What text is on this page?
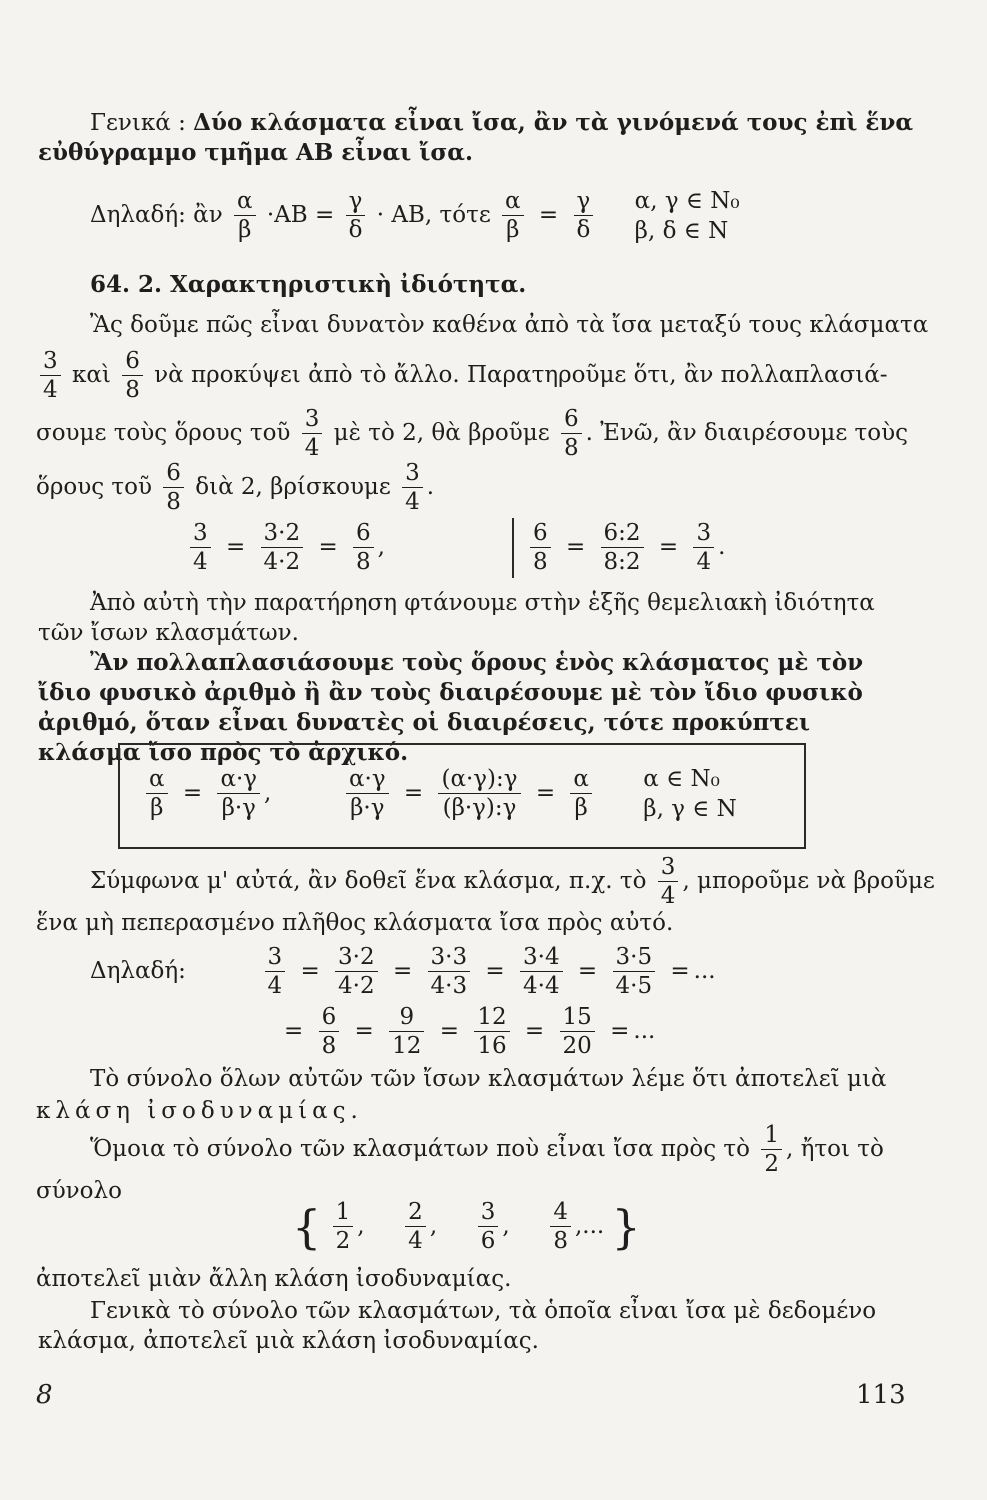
Γενικά : Δύο κλάσματα εἶναι ἴσα, ἂν τὰ γινόμενά τους ἐπὶ ἕνα εὐθύγραμμο τμῆμα ΑΒ εἶναι ἴσα.
Δηλαδή: ἂν $\frac{\alpha}{\beta} \cdot AB = \frac{\gamma}{\delta} \cdot AB$, τότε $\frac{\alpha}{\beta} = \frac{\gamma}{\delta}$
α, γ ∈ N₀
β, δ ∈ N
64. 2. Χαρακτηριστικὴ ἰδιότητα.
Ἂς δοῦμε πῶς εἶναι δυνατὸν καθένα ἀπὸ τὰ ἴσα μεταξύ τους κλάσματα
$\frac{3}{4}$ καὶ $\frac{6}{8}$ νὰ προκύψει ἀπὸ τὸ ἄλλο. Παρατηροῦμε ὅτι, ἂν πολλαπλασιά-
σουμε τοὺς ὅρους τοῦ $\frac{3}{4}$ μὲ τὸ 2, θὰ βροῦμε $\frac{6}{8}$ . Ἐνῶ, ἂν διαιρέσουμε τοὺς
ὅρους τοῦ $\frac{6}{8}$ διὰ 2, βρίσκουμε $\frac{3}{4}$ .
$\frac{3}{4} = \frac{3\cdot 2}{4\cdot 2} = \frac{6}{8}$ ,	$\frac{6}{8} = \frac{6:2}{8:2} = \frac{3}{4}$ .
Ἀπὸ αὐτὴ τὴν παρατήρηση φτάνουμε στὴν ἑξῆς θεμελιακὴ ἰδιότητα τῶν ἴσων κλασμάτων.
Ἂν πολλαπλασιάσουμε τοὺς ὅρους ἑνὸς κλάσματος μὲ τὸν ἴδιο φυσικὸ ἀριθμὸ ἢ ἂν τοὺς διαιρέσουμε μὲ τὸν ἴδιο φυσικὸ ἀριθμό, ὅταν εἶναι δυνατὲς οἱ διαιρέσεις, τότε προκύπτει κλάσμα ἴσο πρὸς τὸ ἀρχικό.
$\frac{\alpha}{\beta} = \frac{\alpha\cdot\gamma}{\beta\cdot\gamma}$ ,	$\frac{\alpha\cdot\gamma}{\beta\cdot\gamma} = \frac{(\alpha\cdot\gamma):\gamma}{(\beta\cdot\gamma):\gamma} = \frac{\alpha}{\beta}$
α ∈ N₀
β, γ ∈ N
Σύμφωνα μ' αὐτά, ἂν δοθεῖ ἕνα κλάσμα, π.χ. τὸ $\frac{3}{4}$ , μποροῦμε νὰ βροῦμε
ἕνα μὴ πεπερασμένο πλῆθος κλάσματα ἴσα πρὸς αὐτό.
Δηλαδή:	$\frac{3}{4} = \frac{3\cdot 2}{4\cdot 2} = \frac{3\cdot 3}{4\cdot 3} = \frac{3\cdot 4}{4\cdot 4} = \frac{3\cdot 5}{4\cdot 5}$ = ...
= $\frac{6}{8} = \frac{9}{12} = \frac{12}{16} = \frac{15}{20}$ = ...
Τὸ σύνολο ὅλων αὐτῶν τῶν ἴσων κλασμάτων λέμε ὅτι ἀποτελεῖ μιὰ
κλάση ἰσοδυναμίας.
Ὅμοια τὸ σύνολο τῶν κλασμάτων ποὺ εἶναι ἴσα πρὸς τὸ $\frac{1}{2}$ , ἤτοι τὸ
σύνολο
{ $\frac{1}{2}$ , $\frac{2}{4}$ , $\frac{3}{6}$ , $\frac{4}{8}$ ,... }
ἀποτελεῖ μιὰν ἄλλη κλάση ἰσοδυναμίας.
Γενικὰ τὸ σύνολο τῶν κλασμάτων, τὰ ὁποῖα εἶναι ἴσα μὲ δεδομένο κλάσμα, ἀποτελεῖ μιὰ κλάση ἰσοδυναμίας.
8	113
